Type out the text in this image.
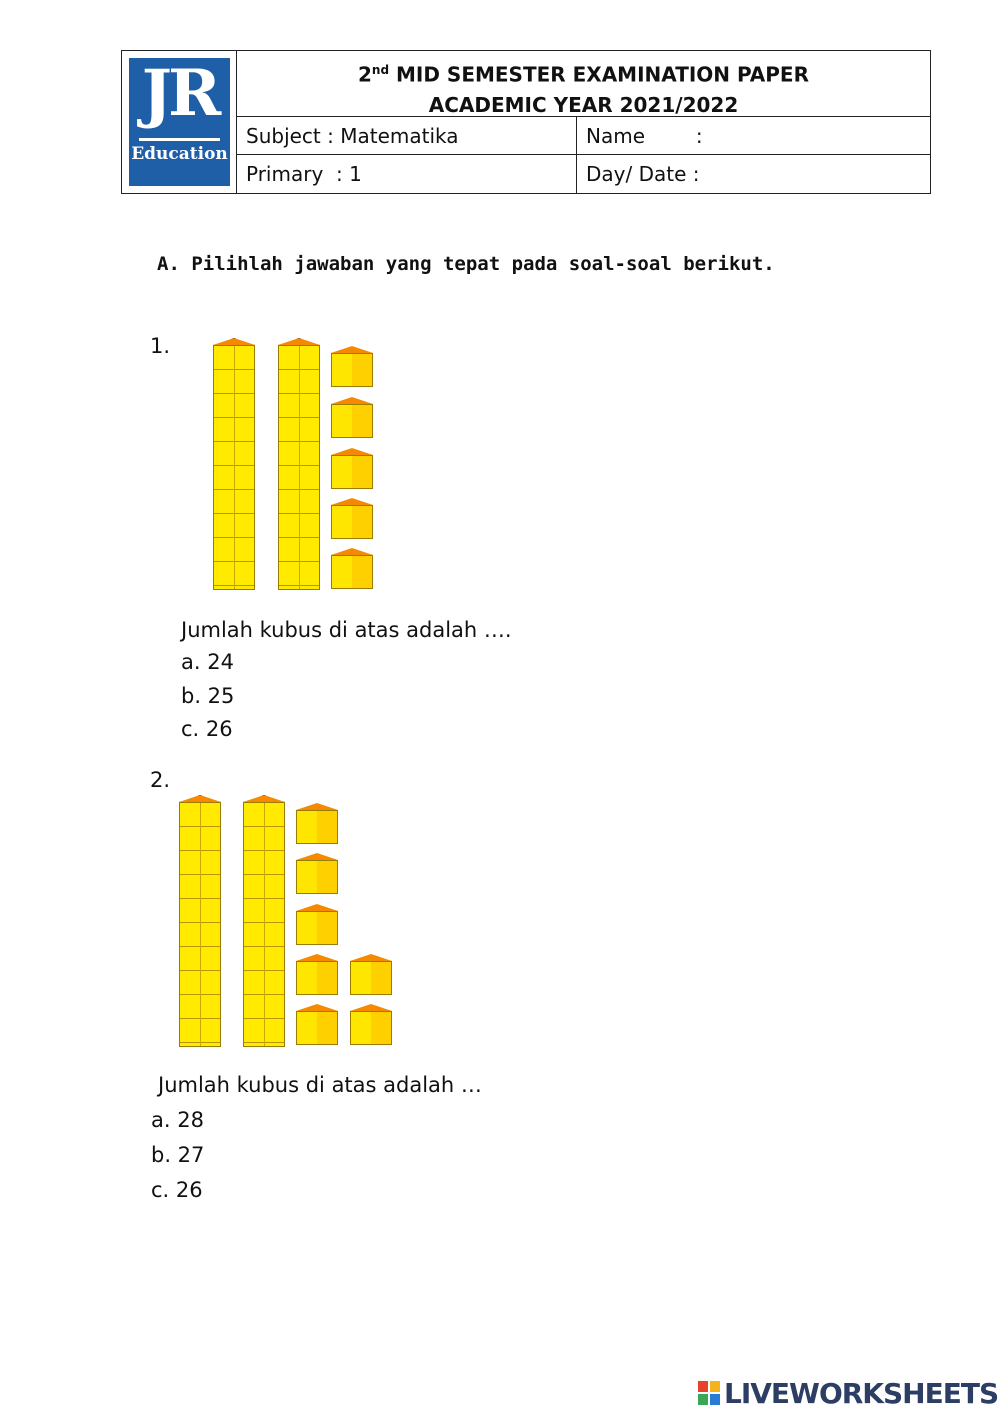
JR
Education
2nd MID SEMESTER EXAMINATION PAPER
ACADEMIC YEAR 2021/2022
Subject : Matematika	Name        :
Primary  : 1	Day/ Date :
A. Pilihlah jawaban yang tepat pada soal-soal berikut.
1.
Jumlah kubus di atas adalah ….
a. 24
b. 25
c. 26
2.
Jumlah kubus di atas adalah …
a. 28
b. 27
c. 26
LIVEWORKSHEETS
